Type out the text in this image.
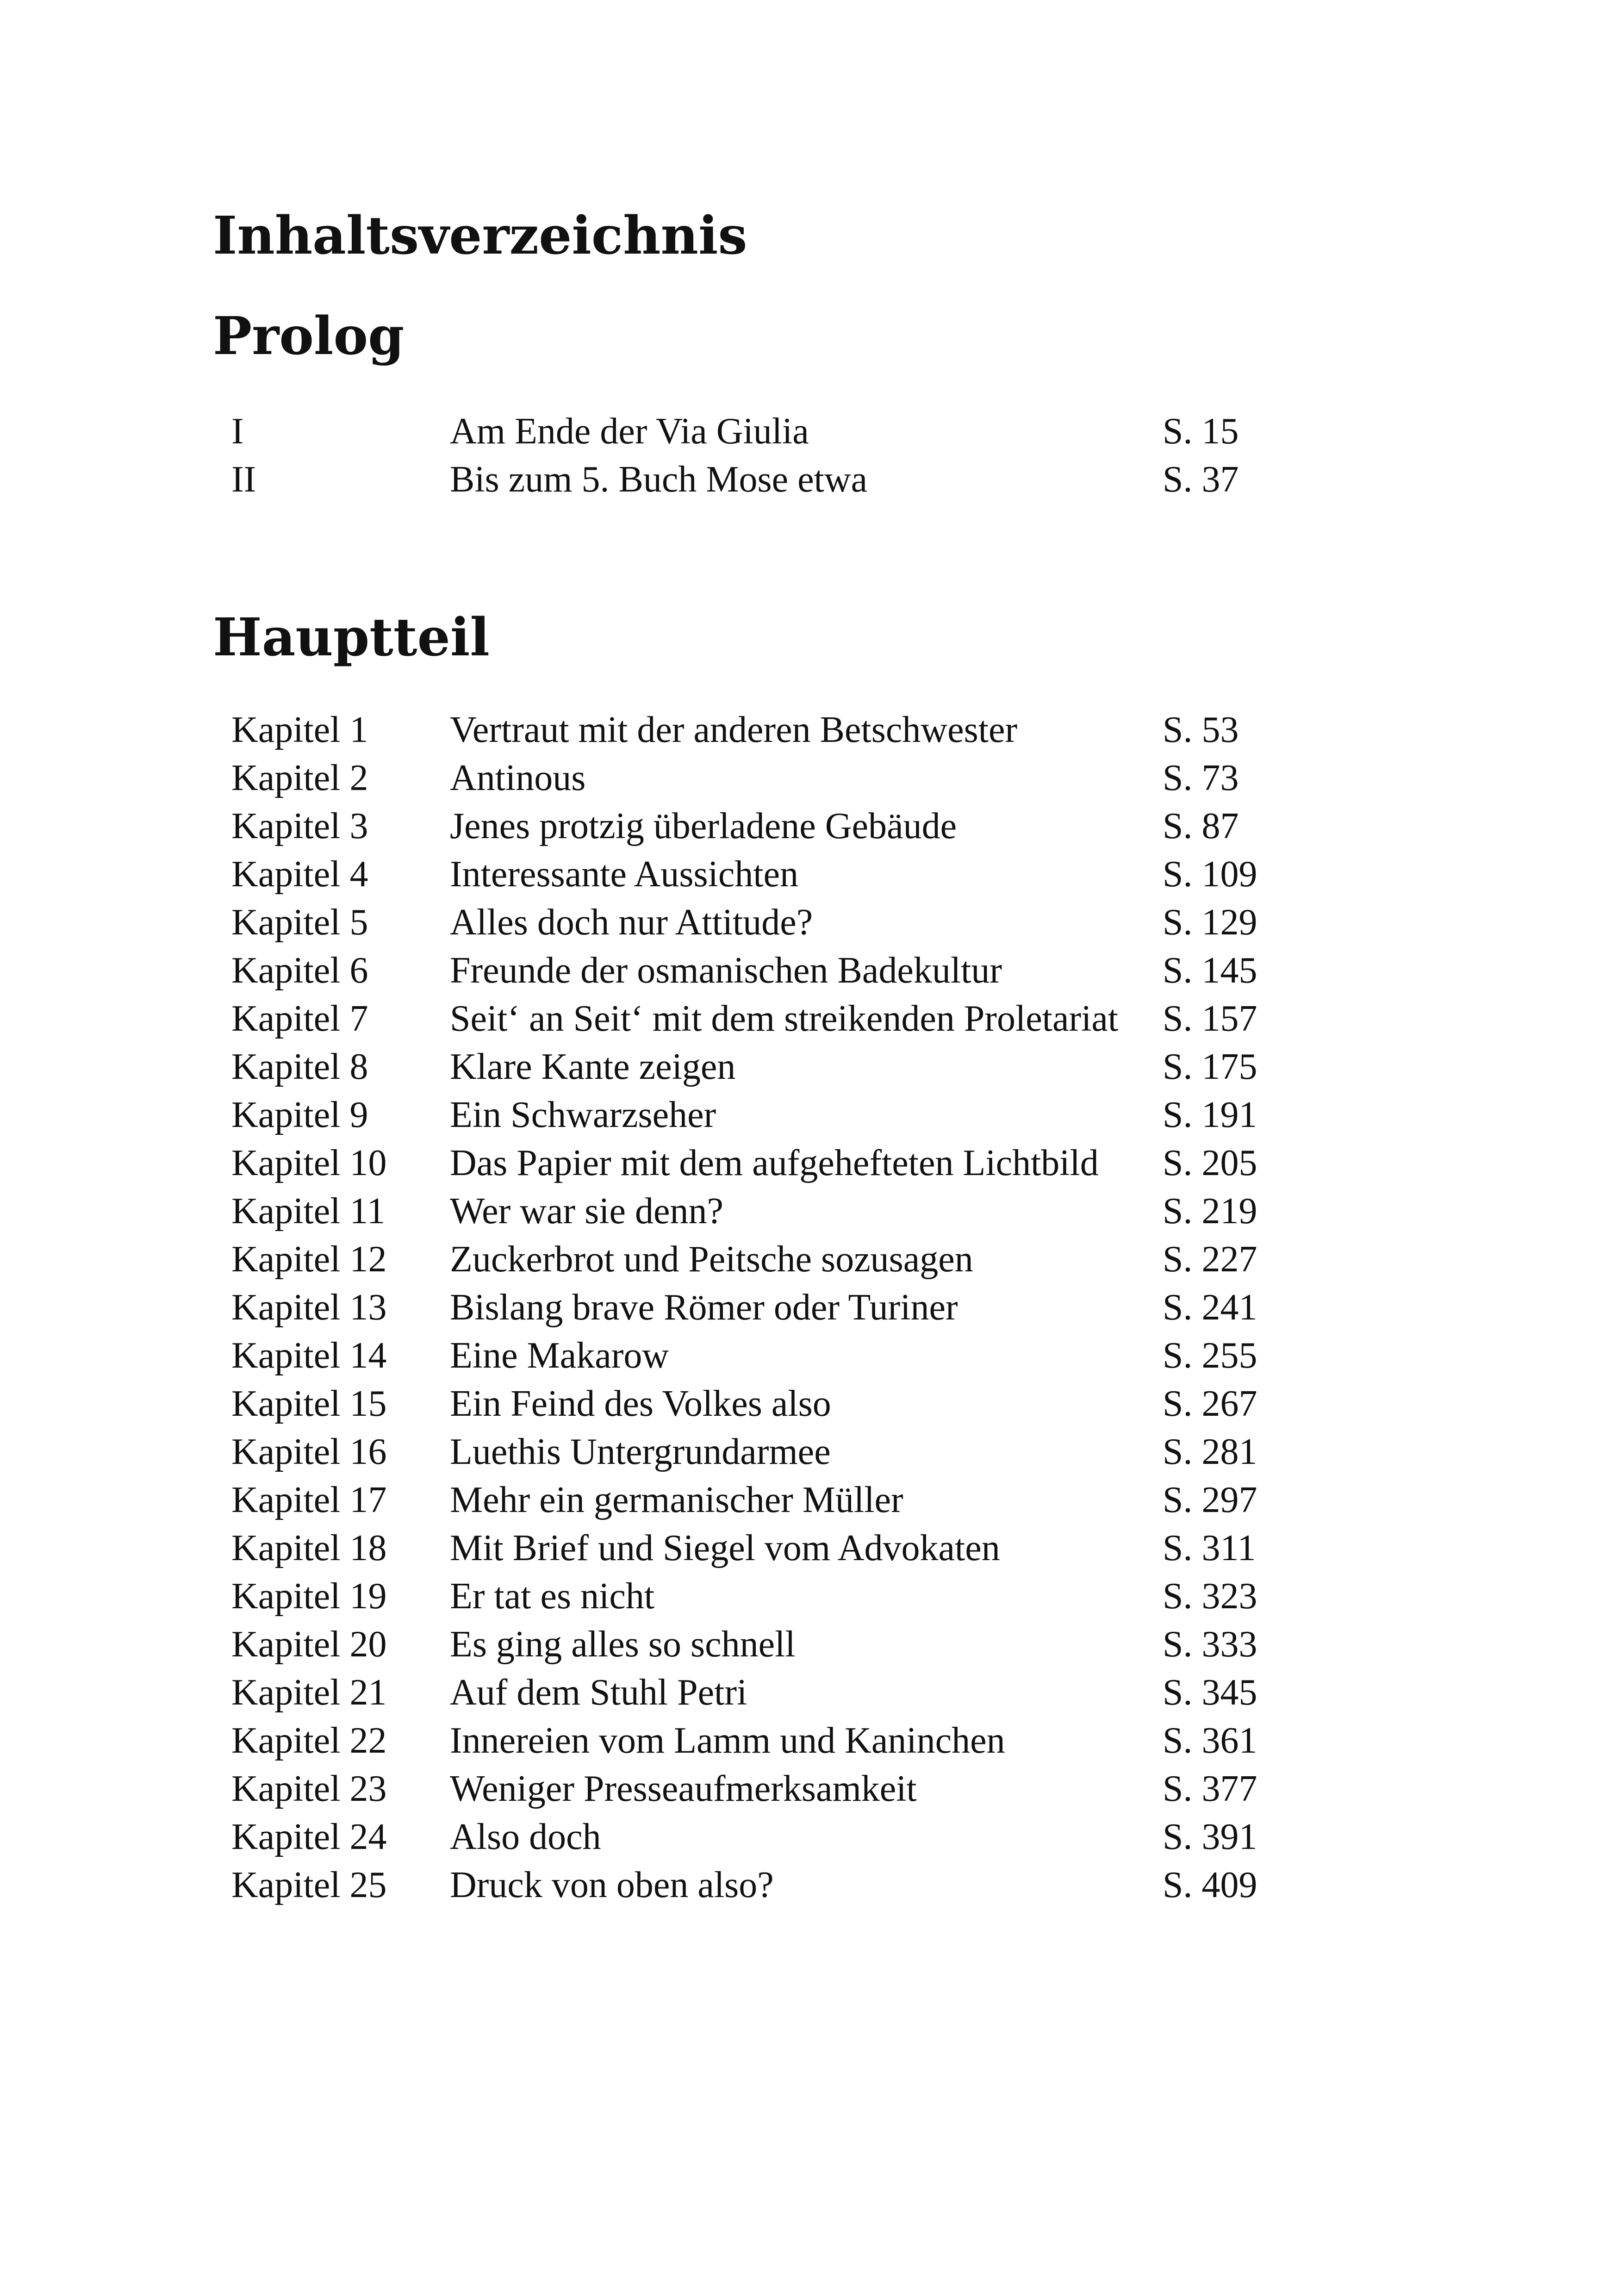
Inhaltsverzeichnis
Prolog
I	Am Ende der Via Giulia	S. 15
II	Bis zum 5. Buch Mose etwa	S. 37
Hauptteil
Kapitel 1	Vertraut mit der anderen Betschwester	S. 53
Kapitel 2	Antinous	S. 73
Kapitel 3	Jenes protzig überladene Gebäude	S. 87
Kapitel 4	Interessante Aussichten	S. 109
Kapitel 5	Alles doch nur Attitude?	S. 129
Kapitel 6	Freunde der osmanischen Badekultur	S. 145
Kapitel 7	Seit‘ an Seit‘ mit dem streikenden Proletariat	S. 157
Kapitel 8	Klare Kante zeigen	S. 175
Kapitel 9	Ein Schwarzseher	S. 191
Kapitel 10	Das Papier mit dem aufgehefteten Lichtbild	S. 205
Kapitel 11	Wer war sie denn?	S. 219
Kapitel 12	Zuckerbrot und Peitsche sozusagen	S. 227
Kapitel 13	Bislang brave Römer oder Turiner	S. 241
Kapitel 14	Eine Makarow	S. 255
Kapitel 15	Ein Feind des Volkes also	S. 267
Kapitel 16	Luethis Untergrundarmee	S. 281
Kapitel 17	Mehr ein germanischer Müller	S. 297
Kapitel 18	Mit Brief und Siegel vom Advokaten	S. 311
Kapitel 19	Er tat es nicht	S. 323
Kapitel 20	Es ging alles so schnell	S. 333
Kapitel 21	Auf dem Stuhl Petri	S. 345
Kapitel 22	Innereien vom Lamm und Kaninchen	S. 361
Kapitel 23	Weniger Presseaufmerksamkeit	S. 377
Kapitel 24	Also doch	S. 391
Kapitel 25	Druck von oben also?	S. 409
